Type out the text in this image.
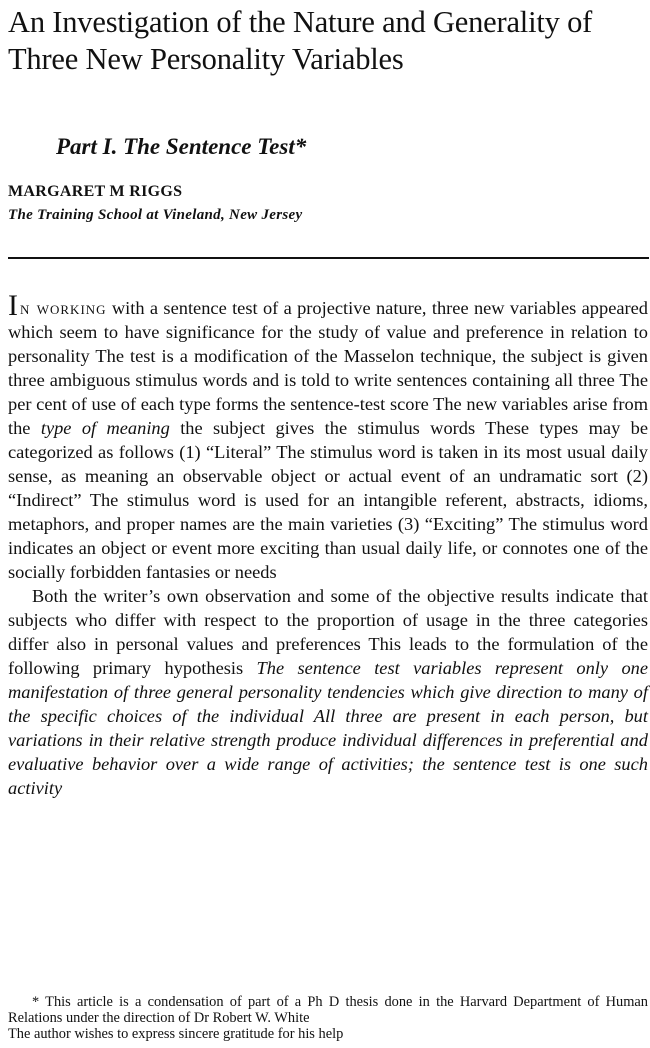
An Investigation of the Nature and Generality of Three New Personality Variables
Part I. The Sentence Test*
MARGARET M RIGGS
The Training School at Vineland, New Jersey

In working with a sentence test of a projective nature, three new variables appeared which seem to have significance for the study of value and preference in relation to personality The test is a modification of the Masselon technique, the subject is given three ambiguous stimulus words and is told to write sentences containing all three The per cent of use of each type forms the sentence-test score The new variables arise from the type of meaning the subject gives the stimulus words These types may be categorized as follows (1) “Literal” The stimulus word is taken in its most usual daily sense, as meaning an observable object or actual event of an undramatic sort (2) “Indirect” The stimulus word is used for an intangible referent, abstracts, idioms, metaphors, and proper names are the main varieties (3) “Exciting” The stimulus word indicates an object or event more exciting than usual daily life, or connotes one of the socially forbidden fantasies or needs

Both the writer’s own observation and some of the objective results indicate that subjects who differ with respect to the proportion of usage in the three categories differ also in personal values and preferences This leads to the formulation of the following primary hypothesis The sentence test variables represent only one manifestation of three general personality tendencies which give direction to many of the specific choices of the individual All three are present in each person, but variations in their relative strength produce individual differences in preferential and evaluative behavior over a wide range of activities; the sentence test is one such activity

* This article is a condensation of part of a Ph D thesis done in the Harvard Department of Human Relations under the direction of Dr Robert W. White

The author wishes to express sincere gratitude for his help
